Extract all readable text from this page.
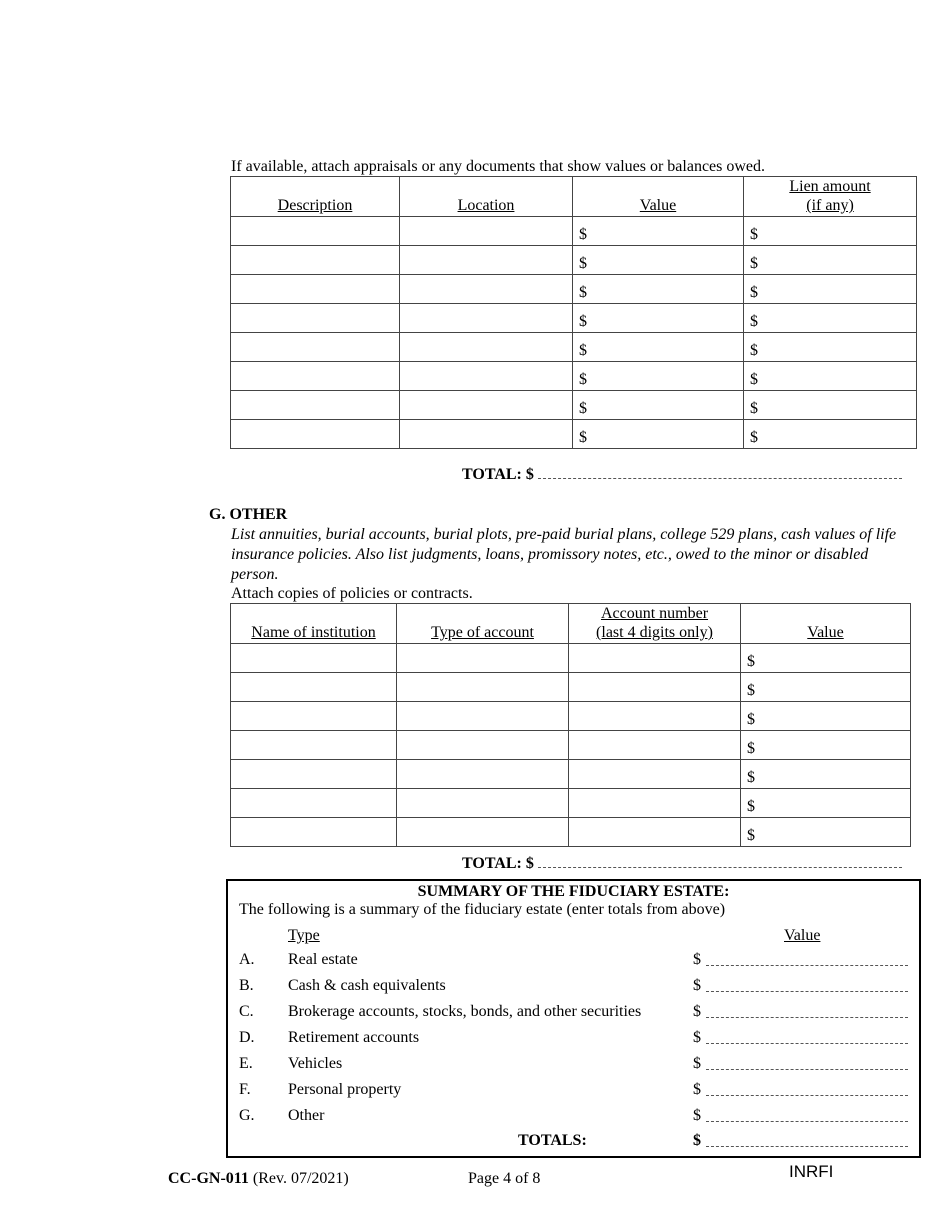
If available, attach appraisals or any documents that show values or balances owed.
Description	Location	Value	Lien amount
(if any)
		$	$
		$	$
		$	$
		$	$
		$	$
		$	$
		$	$
		$	$
TOTAL: $
G. OTHER
List annuities, burial accounts, burial plots, pre-paid burial plans, college 529 plans, cash values of life insurance policies. Also list judgments, loans, promissory notes, etc., owed to the minor or disabled person.
Attach copies of policies or contracts.
Name of institution	Type of account	Account number
(last 4 digits only)	Value
			$
			$
			$
			$
			$
			$
			$
TOTAL: $
SUMMARY OF THE FIDUCIARY ESTATE:
The following is a summary of the fiduciary estate (enter totals from above)
Type	Value
A. Real estate	$
B. Cash & cash equivalents	$
C. Brokerage accounts, stocks, bonds, and other securities	$
D. Retirement accounts	$
E. Vehicles	$
F. Personal property	$
G. Other	$
TOTALS:	$
CC-GN-011 (Rev. 07/2021)	Page 4 of 8	INRFI
